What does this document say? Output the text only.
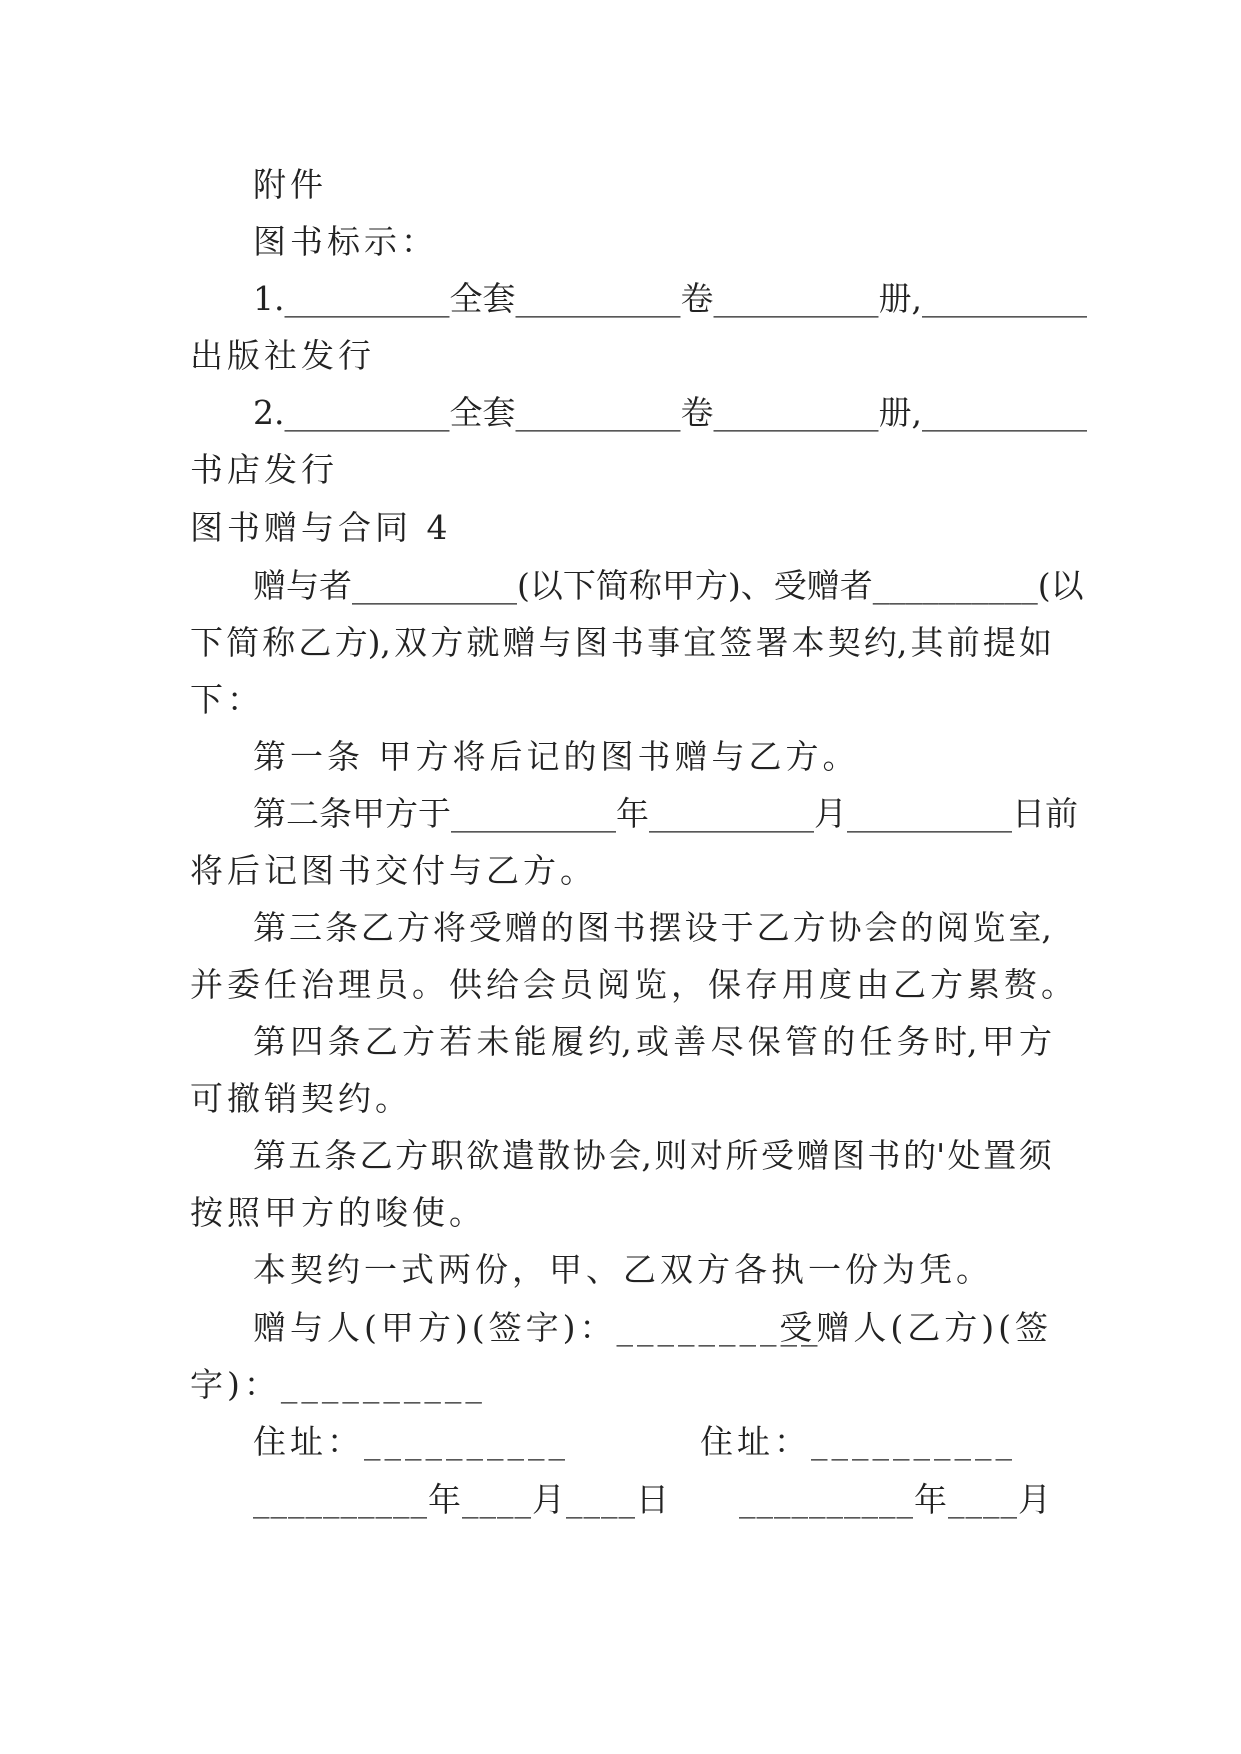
附件
图书标示：
1. __________ 全套 __________ 卷 __________ 册, __________
出版社发行
2. __________ 全套 __________ 卷 __________ 册, __________
书店发行
图书赠与合同 4
赠与者 __________ (以下简称甲方)、受赠者 __________ (以
下 简 称 乙 方), 双 方 就 赠 与 图 书 事 宜 签 署 本 契 约, 其 前 提 如
下：
第一条 甲方将后记的图书赠与乙方。
第二条 甲方于 __________ 年 __________ 月 __________ 日前
将后记图书交付与乙方。
第 三 条 乙 方 将 受 赠 的 图 书 摆 设 于 乙 方 协 会 的 阅 览 室,
并委任治理员。供给会员阅览，保存用度由乙方累赘。
第 四 条 乙 方 若 未 能 履 约, 或 善 尽 保 管 的 任 务 时, 甲 方
可撤销契约。
第 五 条 乙 方 职 欲 遣 散 协 会, 则 对 所 受 赠 图 书 的' 处 置 须
按照甲方的唆使。
本契约一式两份，甲、乙双方各执一份为凭。
赠与人(甲方)(签字)：__________
受赠人(乙方)(签
字)：__________
住址：__________	住址：__________
__________年____月____日 __________年____月
